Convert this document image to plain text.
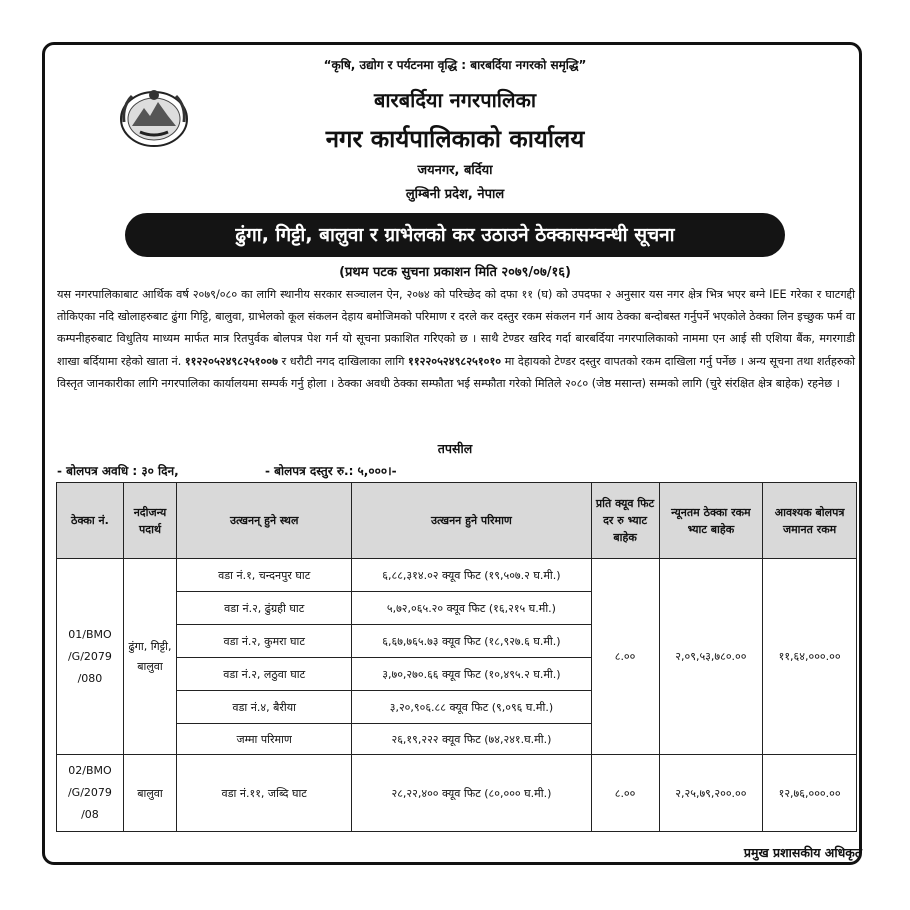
“कृषि, उद्योग र पर्यटनमा वृद्धि : बारबर्दिया नगरको समृद्धि”
बारबर्दिया नगरपालिका
नगर कार्यपालिकाको कार्यालय
जयनगर, बर्दिया
लुम्बिनी प्रदेश, नेपाल
ढुंगा, गिट्टी, बालुवा र ग्राभेलको कर उठाउने ठेक्कासम्वन्धी सूचना
(प्रथम पटक सुचना प्रकाशन मिति २०७९/०७/१६)
यस नगरपालिकाबाट आर्थिक वर्ष २०७९/०८० का लागि स्थानीय सरकार सञ्चालन ऐन, २०७४ को परिच्छेद को दफा ११ (घ) को उपदफा २ अनुसार यस नगर क्षेत्र भित्र भएर बग्ने IEE गरेका र घाटगद्दी तोकिएका नदि खोलाहरुबाट ढुंगा गिट्टि, बालुवा, ग्राभेलको कूल संकलन देहाय बमोजिमको परिमाण र दरले कर दस्तुर रकम संकलन गर्न आय ठेक्का बन्दोबस्त गर्नुपर्ने भएकोले ठेक्का लिन इच्छुक फर्म वा कम्पनीहरुबाट विधुतिय माध्यम मार्फत मात्र रितपुर्वक बोलपत्र पेश गर्न यो सूचना प्रकाशित गरिएको छ । साथै टेण्डर खरिद गर्दा बारबर्दिया नगरपालिकाको नाममा एन आई सी एशिया बैंक, मगरगाडी शाखा बर्दियामा रहेको खाता नं. ११२२०५२४९८२५१००७ र धरौटी नगद दाखिलाका लागि ११२२०५२४९८२५१०१० मा देहायको टेण्डर दस्तुर वापतको रकम दाखिला गर्नु पर्नेछ । अन्य सूचना तथा शर्तहरुको विस्तृत जानकारीका लागि नगरपालिका कार्यालयमा सम्पर्क गर्नु होला । ठेक्का अवधी ठेक्का सम्फौता भई सम्फौता गरेको मितिले २०८० (जेष्ठ मसान्त) सम्मको लागि (चुरे संरक्षित क्षेत्र बाहेक) रहनेछ ।
तपसील
- बोलपत्र अवधि : ३० दिन,	- बोलपत्र दस्तुर रु.: ५,०००।-
ठेक्का नं.	नदीजन्य पदार्थ	उत्खनन् हुने स्थल	उत्खनन हुने परिमाण	प्रति क्यूव फिट दर रु भ्याट बाहेक	न्यूनतम ठेक्का रकम भ्याट बाहेक	आवश्यक बोलपत्र जमानत रकम
01/BMO /G/2079 /080	ढुंगा, गिट्टी, बालुवा	वडा नं.१, चन्दनपुर घाट	६,८८,३१४.०२ क्यूव फिट (१९,५०७.२ घ.मी.)	८.००	२,०९,५३,७८०.००	११,६४,०००.००
		वडा नं.२, ढुंग्रही घाट	५,७२,०६५.२० क्यूव फिट (१६,२१५ घ.मी.)			
		वडा नं.२, कुमरा घाट	६,६७,७६५.७३ क्यूव फिट (१८,९२७.६ घ.मी.)			
		वडा नं.२, लठुवा घाट	३,७०,२७०.६६ क्यूव फिट (१०,४९५.२ घ.मी.)			
		वडा नं.४, बैरीया	३,२०,९०६.८८ क्यूव फिट (९,०९६ घ.मी.)			
		जम्मा परिमाण	२६,१९,२२२ क्यूव फिट (७४,२४१.घ.मी.)			
02/BMO /G/2079 /08	बालुवा	वडा नं.११, जब्दि घाट	२८,२२,४०० क्यूव फिट (८०,००० घ.मी.)	८.००	२,२५,७९,२००.००	१२,७६,०००.००
प्रमुख प्रशासकीय अधिकृत
